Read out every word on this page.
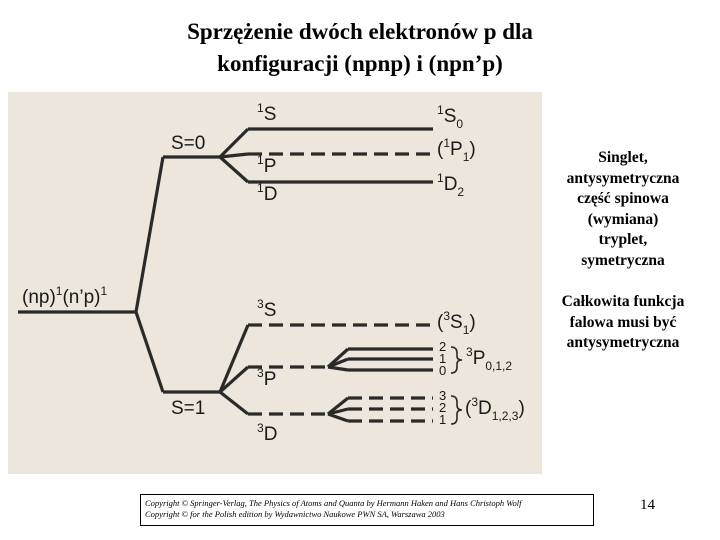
Sprzężenie dwóch elektronów p dla
konfiguracji (npnp) i (npn’p)
(np)$^1$(n’p)$^1$
S=0
S=1
$^1$S
$^1$P
$^1$D
$^1S_0$
$(^1P_1)$
$^1D_2$
$^3$S
$^3$P
$^3$D
$(^3S_1)$
$^3P_{0,1,2}$
$(^3D_{1,2,3})$
2
1
0
3
2
1
Singlet,
antysymetryczna
część spinowa
(wymiana)
tryplet,
symetryczna
Całkowita funkcja
falowa musi być
antysymetryczna
Copyright © Springer-Verlag, The Physics of Atoms and Quanta by Hermann Haken and Hans Christoph Wolf
Copyright © for the Polish edition by Wydawnictwo Naukowe PWN SA, Warszawa 2003
14
